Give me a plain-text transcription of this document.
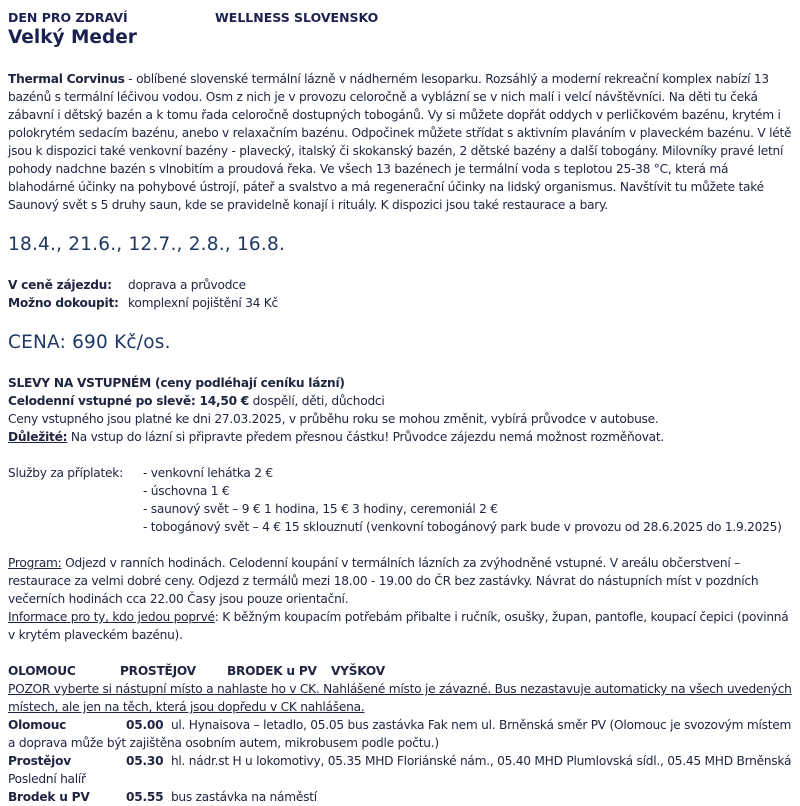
DEN PRO ZDRAVÍ	WELLNESS SLOVENSKO
Velký Meder

Thermal Corvinus - oblíbené slovenské termální lázně v nádherném lesoparku. Rozsáhlý a moderní rekreační komplex nabízí 13 bazénů s termální léčivou vodou. Osm z nich je v provozu celoročně a vyblázní se v nich malí i velcí návštěvníci. Na děti tu čeká zábavní i dětský bazén a k tomu řada celoročně dostupných tobogánů. Vy si můžete dopřát oddych v perličkovém bazénu, krytém i polokrytém sedacím bazénu, anebo v relaxačním bazénu. Odpočinek můžete střídat s aktivním plaváním v plaveckém bazénu. V létě jsou k dispozici také venkovní bazény - plavecký, italský či skokanský bazén, 2 dětské bazény a další tobogány. Milovníky pravé letní pohody nadchne bazén s vlnobitím a proudová řeka. Ve všech 13 bazénech je termální voda s teplotou 25-38 °C, která má blahodárné účinky na pohybové ústrojí, páteř a svalstvo a má regenerační účinky na lidský organismus. Navštívit tu můžete také Saunový svět s 5 druhy saun, kde se pravidelně konají i rituály. K dispozici jsou také restaurace a bary.

18.4., 21.6., 12.7., 2.8., 16.8.
V ceně zájezdu:	doprava a průvodce
Možno dokoupit: komplexní pojištění 34 Kč
CENA: 690 Kč/os.
SLEVY NA VSTUPNÉM (ceny podléhají ceníku lázní)
Celodenní vstupné po slevě: 14,50 € dospělí, děti, důchodci
Ceny vstupného jsou platné ke dni 27.03.2025, v průběhu roku se mohou změnit, vybírá průvodce v autobuse.
Důležité: Na vstup do lázní si připravte předem přesnou částku! Průvodce zájezdu nemá možnost rozměňovat.
Služby za příplatek:	- venkovní lehátka 2 €
- úschovna 1 €
- saunový svět – 9 € 1 hodina, 15 € 3 hodiny, ceremoniál 2 €
- tobogánový svět – 4 € 15 sklouznutí (venkovní tobogánový park bude v provozu od 28.6.2025 do 1.9.2025)

Program: Odjezd v ranních hodinách. Celodenní koupání v termálních lázních za zvýhodněné vstupné. V areálu občerstvení – restaurace za velmi dobré ceny. Odjezd z termálů mezi 18.00 - 19.00 do ČR bez zastávky. Návrat do nástupních míst v pozdních večerních hodinách cca 22.00 Časy jsou pouze orientační.

Informace pro ty, kdo jedou poprvé: K běžným koupacím potřebám přibalte i ručník, osušky, župan, pantofle, koupací čepici (povinná v krytém plaveckém bazénu).

OLOMOUC	PROSTĚJOV	BRODEK u PV	VYŠKOV
POZOR vyberte si nástupní místo a nahlaste ho v CK. Nahlášené místo je závazné. Bus nezastavuje automaticky na všech uvedených místech, ale jen na těch, která jsou dopředu v CK nahlášena.
Olomouc	05.00 ul. Hynaisova – letadlo, 05.05 bus zastávka Fak nem ul. Brněnská směr PV (Olomouc je svozovým místem a doprava může být zajištěna osobním autem, mikrobusem podle počtu.)
Prostějov	05.30 hl. nádr.st H u lokomotivy, 05.35 MHD Floriánské nám., 05.40 MHD Plumlovská sídl., 05.45 MHD Brněnská Poslední halíř
Brodek u PV	05.55 bus zastávka na náměstí
